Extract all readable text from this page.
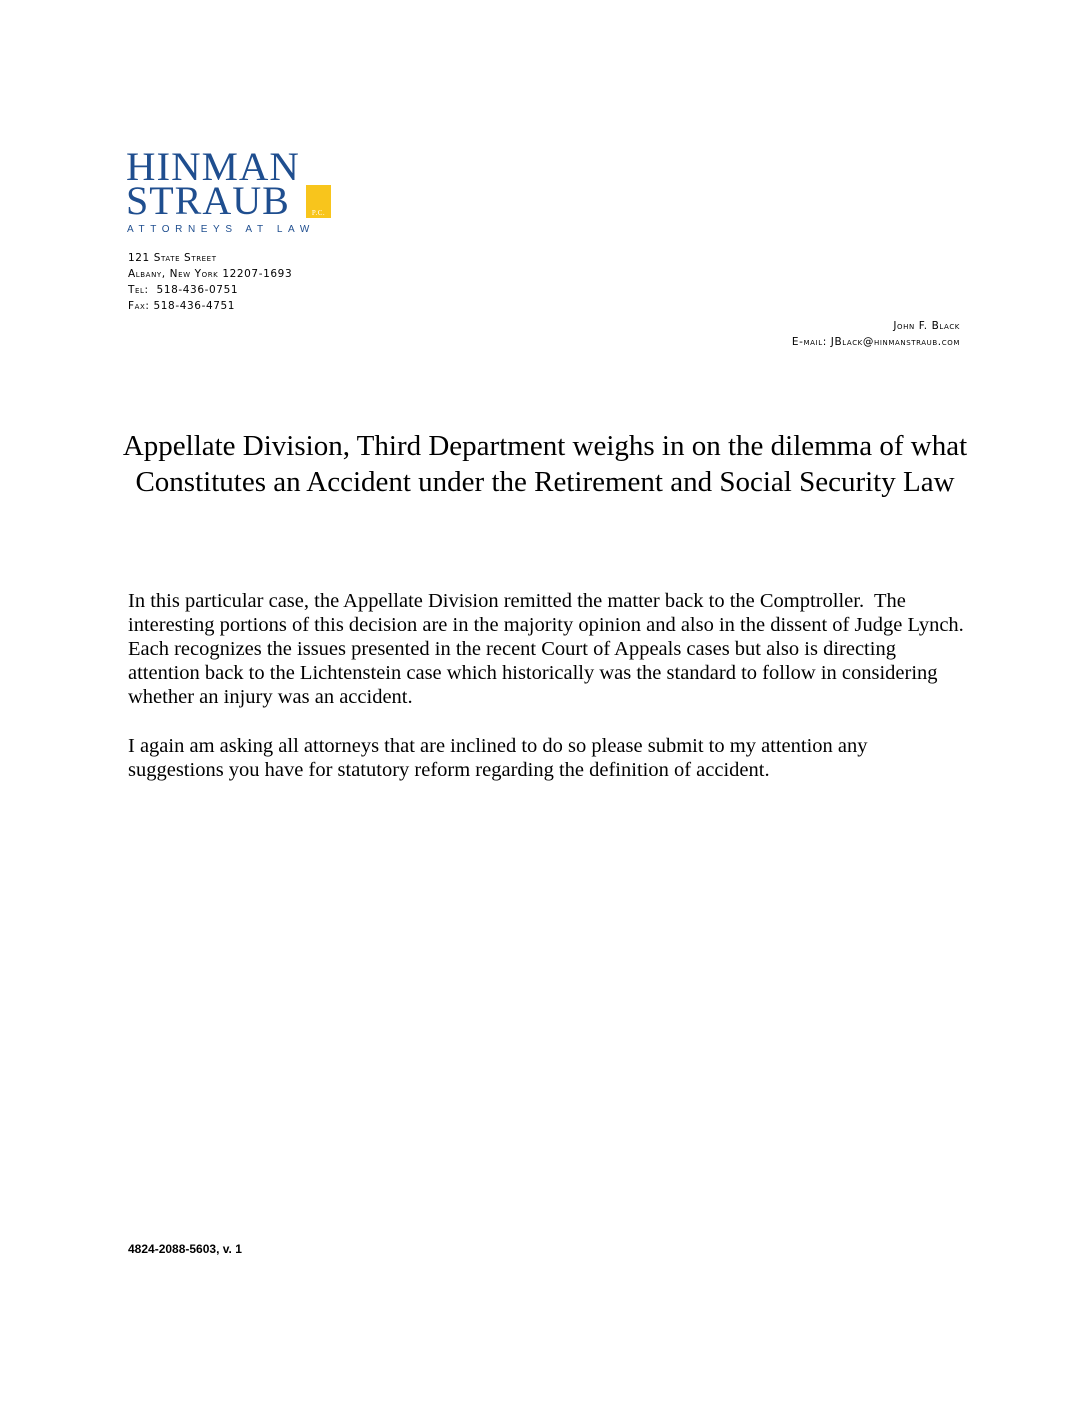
HINMAN
STRAUB	P.C.
ATTORNEYS AT LAW
121 State Street
Albany, New York 12207-1693
Tel:  518-436-0751
Fax: 518-436-4751
John F. Black
E-mail: JBlack@hinmanstraub.com
Appellate Division, Third Department weighs in on the dilemma of what Constitutes an Accident under the Retirement and Social Security Law
In this particular case, the Appellate Division remitted the matter back to the Comptroller.  The interesting portions of this decision are in the majority opinion and also in the dissent of Judge Lynch.  Each recognizes the issues presented in the recent Court of Appeals cases but also is directing attention back to the Lichtenstein case which historically was the standard to follow in considering whether an injury was an accident.
I again am asking all attorneys that are inclined to do so please submit to my attention any suggestions you have for statutory reform regarding the definition of accident.
4824-2088-5603, v. 1
